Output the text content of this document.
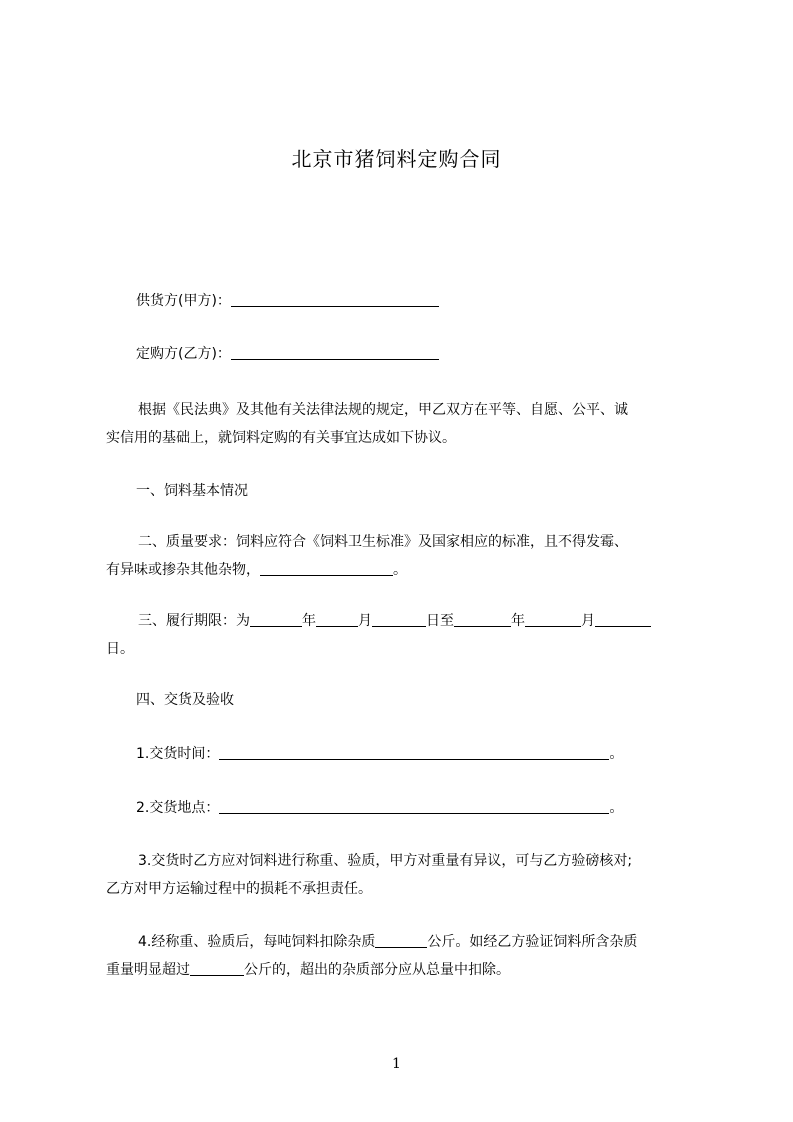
北京市猪饲料定购合同
供货方(甲方)：
定购方(乙方)：
根据《民法典》及其他有关法律法规的规定，甲乙双方在平等、自愿、公平、诚
实信用的基础上，就饲料定购的有关事宜达成如下协议。
一、饲料基本情况
二、质量要求：饲料应符合《饲料卫生标准》及国家相应的标准，且不得发霉、
有异味或掺杂其他杂物，	。
三、履行期限：为	年	月	日至	年	月
日。
四、交货及验收
1.交货时间：	。
2.交货地点：	。
3.交货时乙方应对饲料进行称重、验质，甲方对重量有异议，可与乙方验磅核对;
乙方对甲方运输过程中的损耗不承担责任。
4.经称重、验质后，每吨饲料扣除杂质	公斤。如经乙方验证饲料所含杂质
重量明显超过	公斤的，超出的杂质部分应从总量中扣除。
1
